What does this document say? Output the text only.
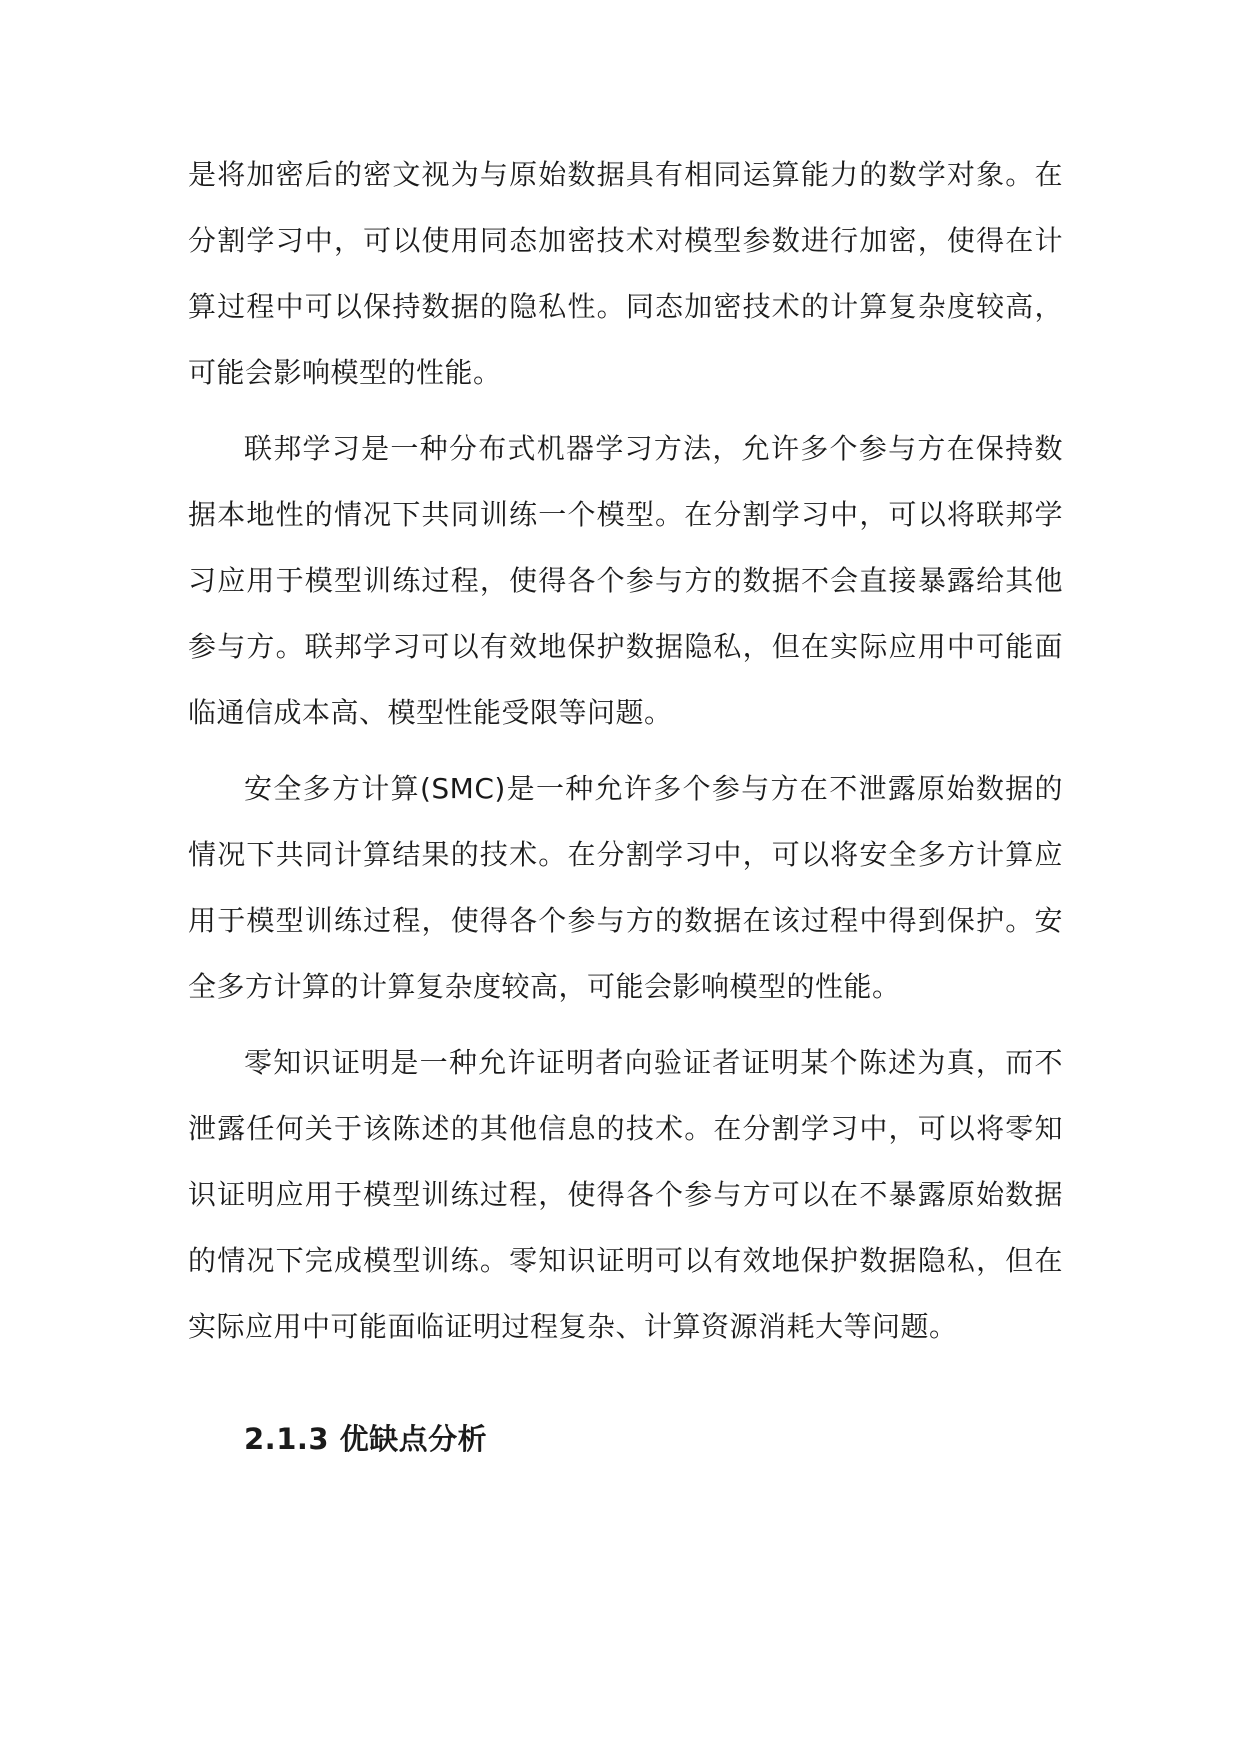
是将加密后的密文视为与原始数据具有相同运算能力的数学对象。在分割学习中，可以使用同态加密技术对模型参数进行加密，使得在计算过程中可以保持数据的隐私性。同态加密技术的计算复杂度较高，可能会影响模型的性能。

联邦学习是一种分布式机器学习方法，允许多个参与方在保持数据本地性的情况下共同训练一个模型。在分割学习中，可以将联邦学习应用于模型训练过程，使得各个参与方的数据不会直接暴露给其他参与方。联邦学习可以有效地保护数据隐私，但在实际应用中可能面临通信成本高、模型性能受限等问题。

安全多方计算(SMC)是一种允许多个参与方在不泄露原始数据的情况下共同计算结果的技术。在分割学习中，可以将安全多方计算应用于模型训练过程，使得各个参与方的数据在该过程中得到保护。安全多方计算的计算复杂度较高，可能会影响模型的性能。

零知识证明是一种允许证明者向验证者证明某个陈述为真，而不泄露任何关于该陈述的其他信息的技术。在分割学习中，可以将零知识证明应用于模型训练过程，使得各个参与方可以在不暴露原始数据的情况下完成模型训练。零知识证明可以有效地保护数据隐私，但在实际应用中可能面临证明过程复杂、计算资源消耗大等问题。

2.1.3 优缺点分析
